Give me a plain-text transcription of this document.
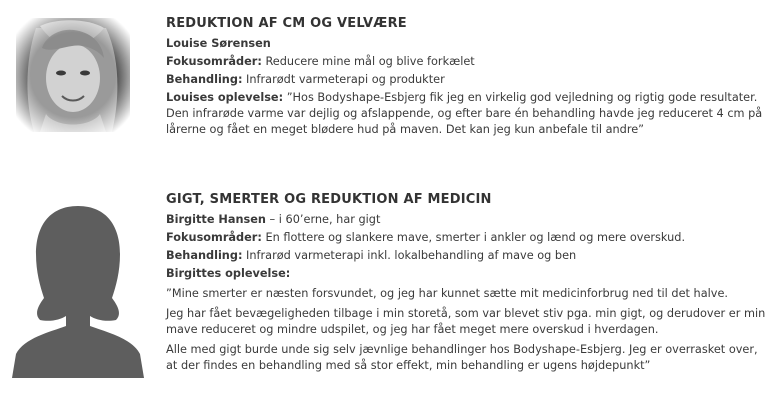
REDUKTION AF CM OG VELVÆRE
Louise Sørensen
Fokusområder: Reducere mine mål og blive forkælet
Behandling: Infrarødt varmeterapi og produkter
Louises oplevelse: ”Hos Bodyshape-Esbjerg fik jeg en virkelig god vejledning og rigtig gode resultater.
Den infrarøde varme var dejlig og afslappende, og efter bare én behandling havde jeg reduceret 4 cm på
lårerne og fået en meget blødere hud på maven. Det kan jeg kun anbefale til andre”
GIGT, SMERTER OG REDUKTION AF MEDICIN
Birgitte Hansen – i 60’erne, har gigt
Fokusområder: En flottere og slankere mave, smerter i ankler og lænd og mere overskud.
Behandling: Infrarød varmeterapi inkl. lokalbehandling af mave og ben
Birgittes oplevelse:
”Mine smerter er næsten forsvundet, og jeg har kunnet sætte mit medicinforbrug ned til det halve.
Jeg har fået bevægeligheden tilbage i min storetå, som var blevet stiv pga. min gigt, og derudover er min
mave reduceret og mindre udspilet, og jeg har fået meget mere overskud i hverdagen.
Alle med gigt burde unde sig selv jævnlige behandlinger hos Bodyshape-Esbjerg. Jeg er overrasket over,
at der findes en behandling med så stor effekt, min behandling er ugens højdepunkt”
